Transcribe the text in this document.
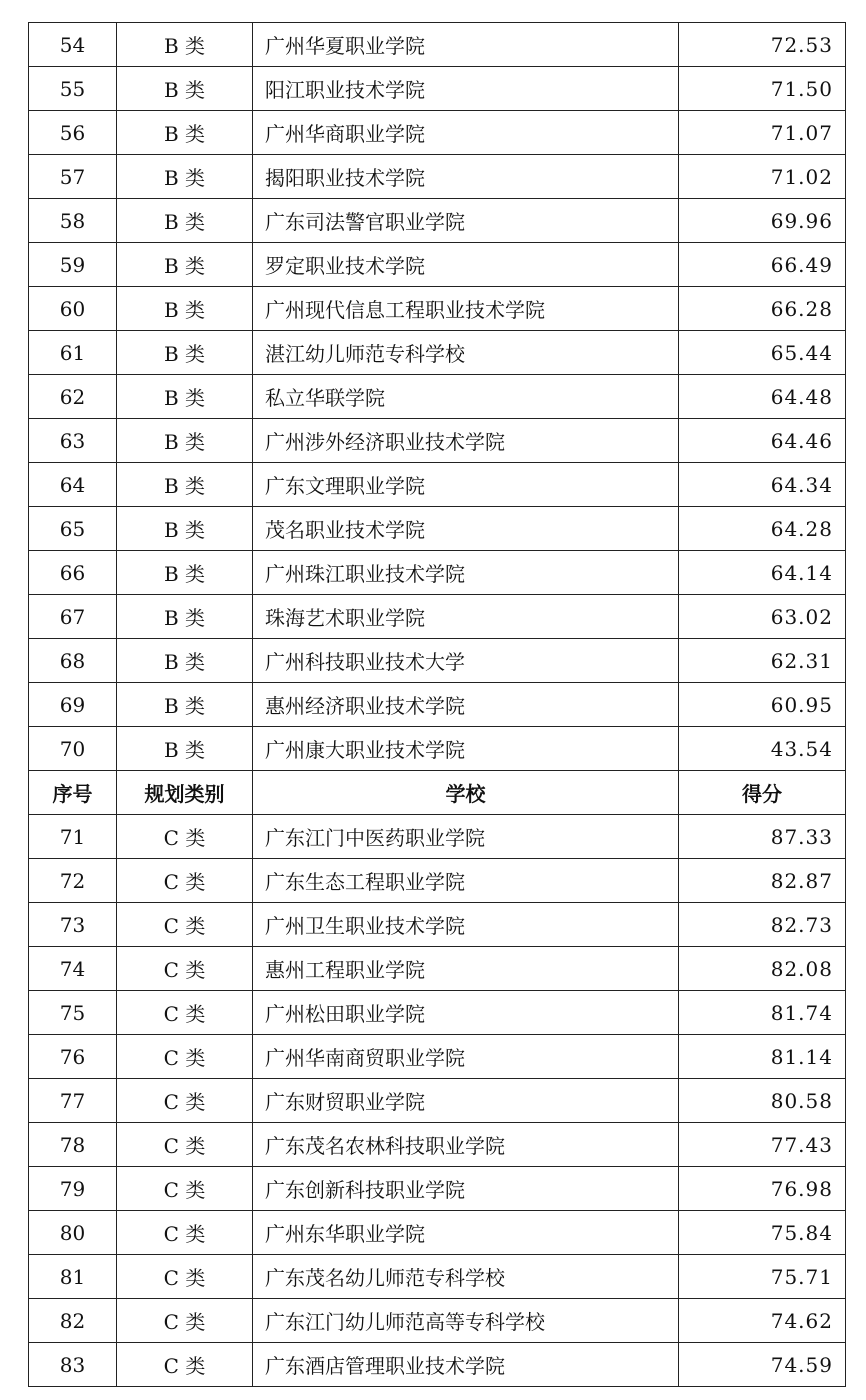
54	B 类	广州华夏职业学院	72.53
55	B 类	阳江职业技术学院	71.50
56	B 类	广州华商职业学院	71.07
57	B 类	揭阳职业技术学院	71.02
58	B 类	广东司法警官职业学院	69.96
59	B 类	罗定职业技术学院	66.49
60	B 类	广州现代信息工程职业技术学院	66.28
61	B 类	湛江幼儿师范专科学校	65.44
62	B 类	私立华联学院	64.48
63	B 类	广州涉外经济职业技术学院	64.46
64	B 类	广东文理职业学院	64.34
65	B 类	茂名职业技术学院	64.28
66	B 类	广州珠江职业技术学院	64.14
67	B 类	珠海艺术职业学院	63.02
68	B 类	广州科技职业技术大学	62.31
69	B 类	惠州经济职业技术学院	60.95
70	B 类	广州康大职业技术学院	43.54
序号	规划类别	学校	得分
71	C 类	广东江门中医药职业学院	87.33
72	C 类	广东生态工程职业学院	82.87
73	C 类	广州卫生职业技术学院	82.73
74	C 类	惠州工程职业学院	82.08
75	C 类	广州松田职业学院	81.74
76	C 类	广州华南商贸职业学院	81.14
77	C 类	广东财贸职业学院	80.58
78	C 类	广东茂名农林科技职业学院	77.43
79	C 类	广东创新科技职业学院	76.98
80	C 类	广州东华职业学院	75.84
81	C 类	广东茂名幼儿师范专科学校	75.71
82	C 类	广东江门幼儿师范高等专科学校	74.62
83	C 类	广东酒店管理职业技术学院	74.59
